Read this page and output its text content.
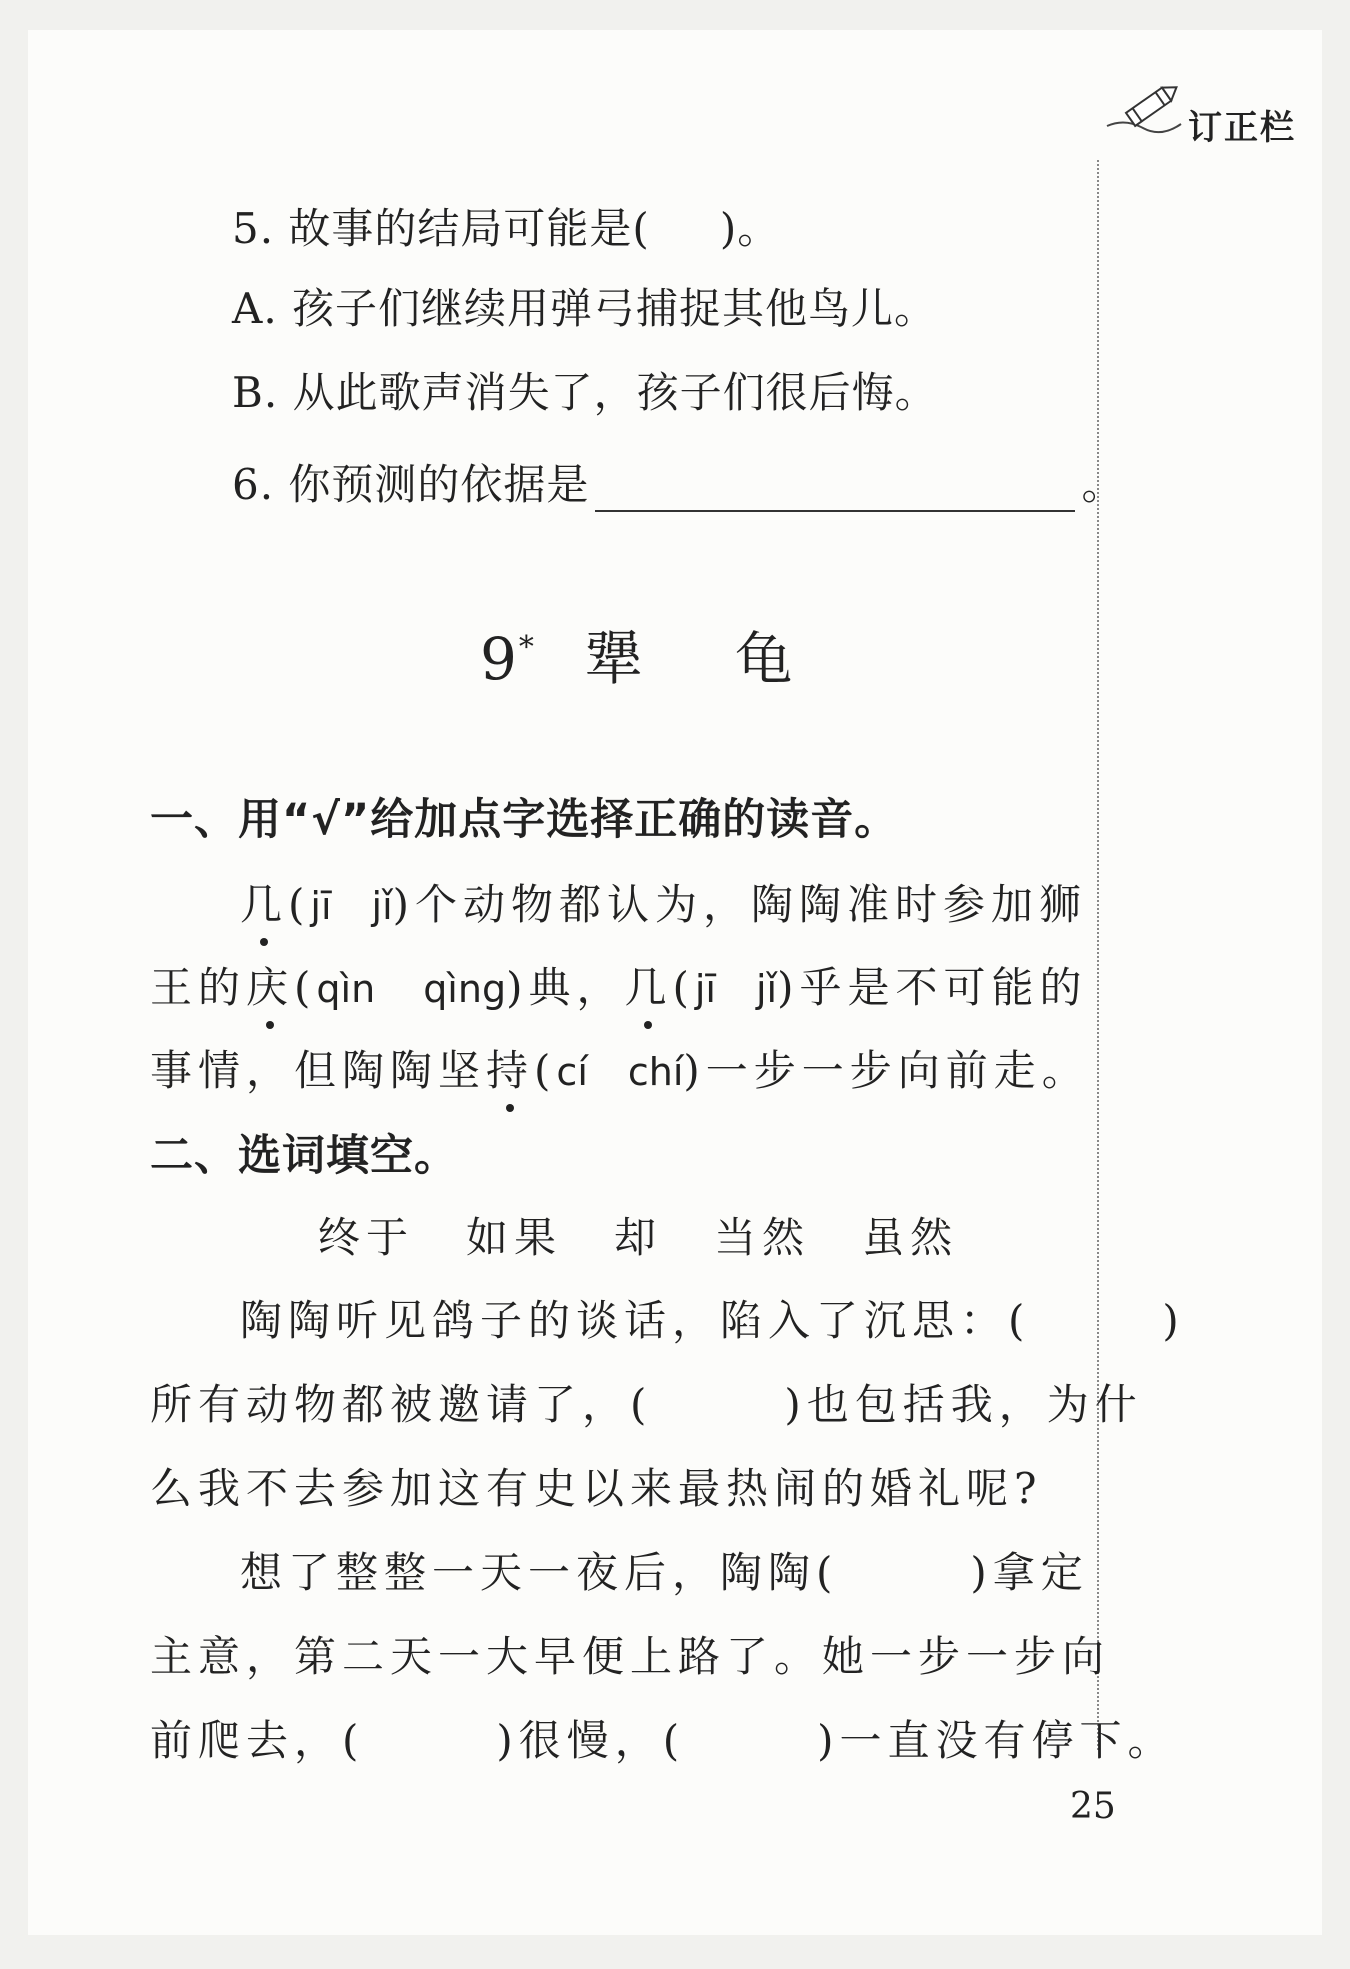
订正栏
5. 故事的结局可能是( )。
A. 孩子们继续用弹弓捕捉其他鸟儿。
B. 从此歌声消失了，孩子们很后悔。
6. 你预测的依据是	。
9* 犟 龟
一、用“√”给加点字选择正确的读音。
几(jī jǐ)个动物都认为，陶陶准时参加狮
王的庆(qìn qìng)典，几(jī jǐ)乎是不可能的
事情，但陶陶坚持(cí chí)一步一步向前走。
二、选词填空。
终于 如果 却 当然 虽然
陶陶听见鸽子的谈话，陷入了沉思：(	)
所有动物都被邀请了，(	)也包括我，为什
么我不去参加这有史以来最热闹的婚礼呢?
想了整整一天一夜后，陶陶(	)拿定
主意，第二天一大早便上路了。她一步一步向
前爬去，(	)很慢，(	)一直没有停下。
25
